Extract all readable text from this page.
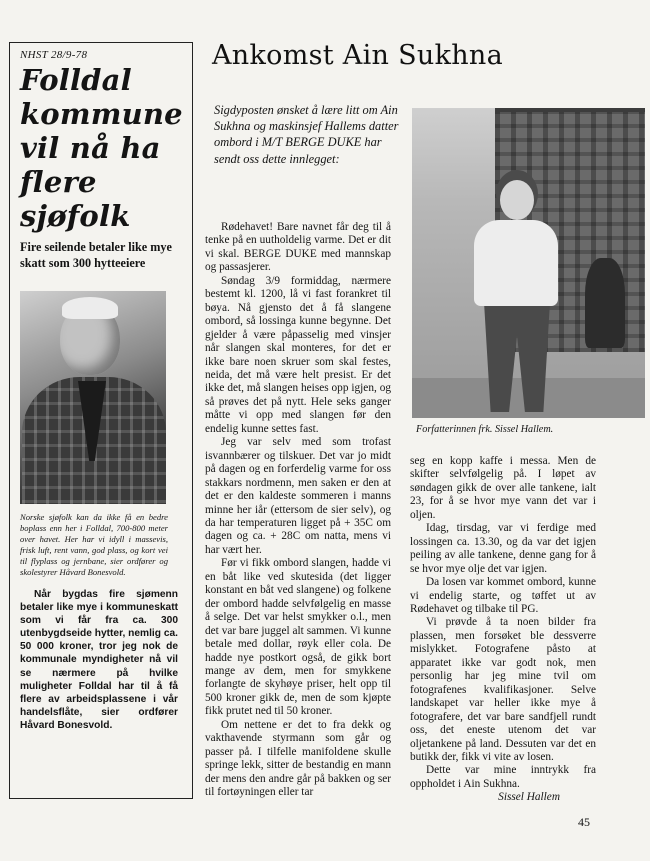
NHST 28/9-78
Folldal kommune vil nå ha flere sjøfolk
Fire seilende betaler like mye skatt som 300 hytteeiere
Norske sjøfolk kan da ikke få en bedre boplass enn her i Folldal, 700-800 meter over havet. Her har vi idyll i massevis, frisk luft, rent vann, god plass, og kort vei til flyplass og jernbane, sier ordfører og skolestyrer Håvard Bonesvold.

Når bygdas fire sjømenn betaler like mye i kommuneskatt som vi får fra ca. 300 utenbygdseide hytter, nemlig ca. 50 000 kroner, tror jeg nok de kommunale myndigheter nå vil se nærmere på hvilke muligheter Folldal har til å få flere av arbeidsplassene i vår handelsflåte, sier ordfører Håvard Bonesvold.

Ankomst Ain Sukhna
Sigdyposten ønsket å lære litt om Ain Sukhna og maskinsjef Hallems datter ombord i M/T BERGE DUKE har sendt oss dette innlegget:
Forfatterinnen frk. Sissel Hallem.

Rødehavet! Bare navnet får deg til å tenke på en uutholdelig varme. Det er dit vi skal. BERGE DUKE med mannskap og passasjerer.

Søndag 3/9 formiddag, nærmere bestemt kl. 1200, lå vi fast forankret til bøya. Nå gjensto det å få slangene ombord, så lossinga kunne begynne. Det gjelder å være påpasselig med vinsjer når slangen skal monteres, for det er ikke bare noen skruer som skal festes, neida, det må være helt presist. Er det ikke det, må slangen heises opp igjen, og så prøves det på nytt. Hele seks ganger måtte vi opp med slangen før den endelig kunne settes fast.

Jeg var selv med som trofast isvannbærer og tilskuer. Det var jo midt på dagen og en forferdelig varme for oss stakkars nordmenn, men saken er den at det er den kaldeste sommeren i manns minne her iår (ettersom de sier selv), og da har temperaturen ligget på + 35C om dagen og ca. + 28C om natta, mens vi har vært her.

Før vi fikk ombord slangen, hadde vi en båt like ved skutesida (det ligger konstant en båt ved slangene) og folkene der ombord hadde selvfølgelig en masse å selge. Det var helst smykker o.l., men det var bare juggel alt sammen. Vi kunne betale med dollar, røyk eller cola. De hadde nye postkort også, de gikk bort mange av dem, men for smykkene forlangte de skyhøye priser, helt opp til 500 kroner gikk de, men de som kjøpte fikk prutet ned til 50 kroner.

Om nettene er det to fra dekk og vakthavende styrmann som går og passer på. I tilfelle manifoldene skulle springe lekk, sitter de bestandig en mann der mens den andre går på bakken og ser til fortøyningen eller tar

seg en kopp kaffe i messa. Men de skifter selvfølgelig på. I løpet av søndagen gikk de over alle tankene, ialt 23, for å se hvor mye vann det var i oljen.

Idag, tirsdag, var vi ferdige med lossingen ca. 13.30, og da var det igjen peiling av alle tankene, denne gang for å se hvor mye olje det var igjen.

Da losen var kommet ombord, kunne vi endelig starte, og tøffet ut av Rødehavet og tilbake til PG.

Vi prøvde å ta noen bilder fra plassen, men forsøket ble dessverre mislykket. Fotografene påsto at apparatet ikke var godt nok, men personlig har jeg mine tvil om fotografenes kvalifikasjoner. Selve landskapet var heller ikke mye å fotografere, det var bare sandfjell rundt oss, det eneste utenom det var oljetankene på land. Dessuten var det en butikk der, fikk vi vite av losen.

Dette var mine inntrykk fra oppholdet i Ain Sukhna.

Sissel Hallem

45
